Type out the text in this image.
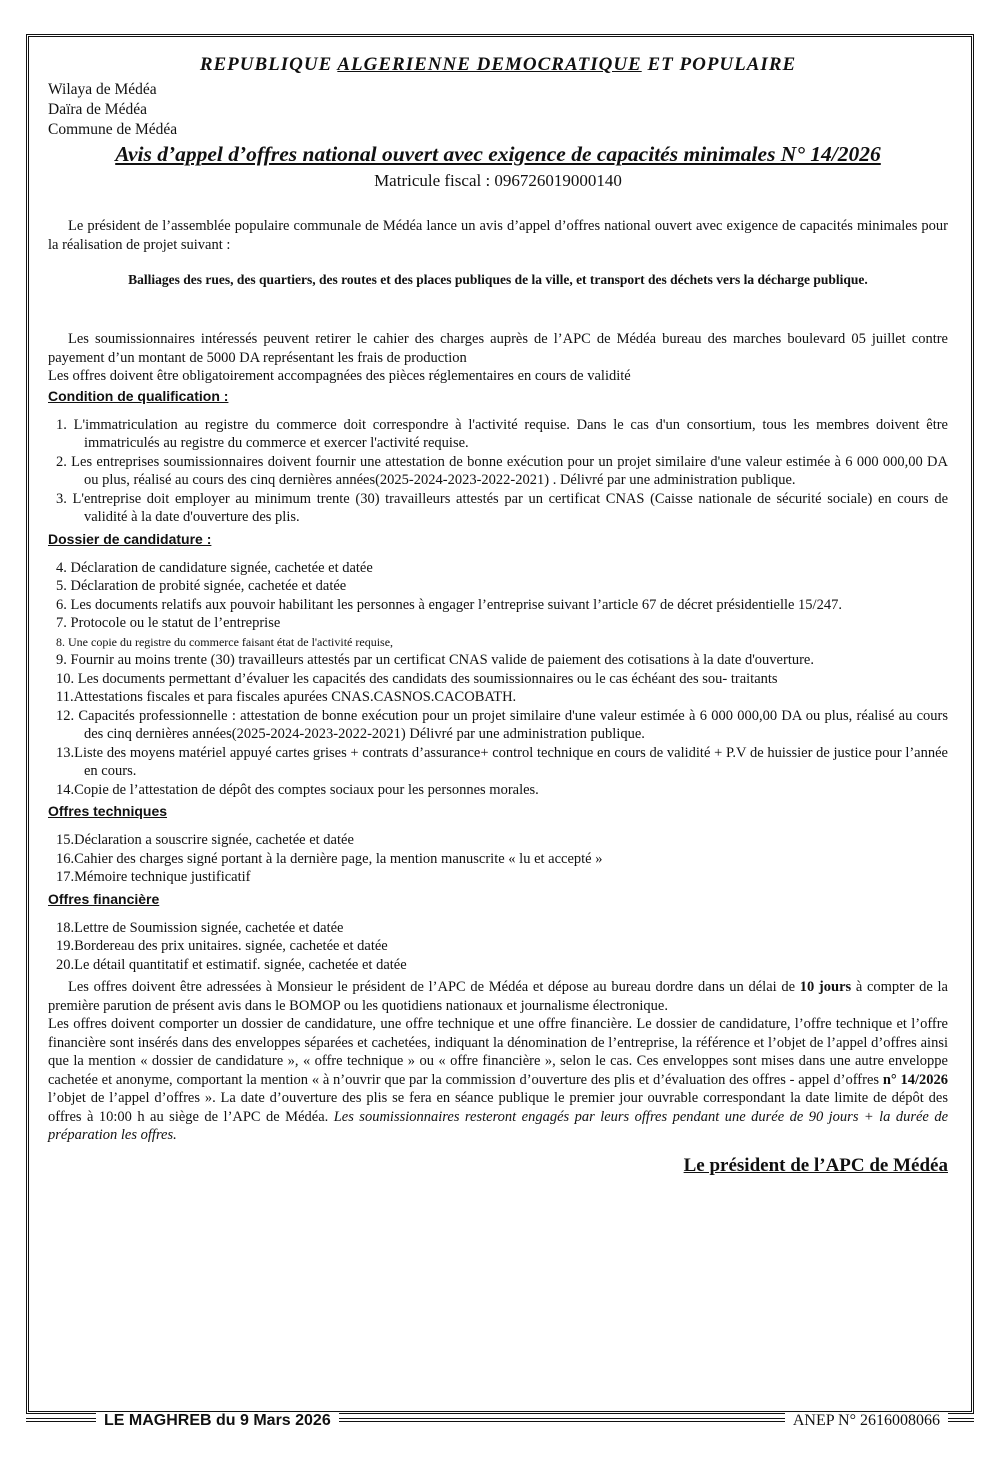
REPUBLIQUE ALGERIENNE DEMOCRATIQUE ET POPULAIRE
Wilaya de Médéa
Daïra de Médéa
Commune de Médéa
Avis d’appel d’offres national ouvert avec exigence de capacités minimales N° 14/2026
Matricule fiscal : 096726019000140

Le président de l’assemblée populaire communale de Médéa lance un avis d’appel d’offres national ouvert avec exigence de capacités minimales pour la réalisation de projet suivant :

Balliages des rues, des quartiers, des routes et des places publiques de la ville, et transport des déchets vers la décharge publique.

Les soumissionnaires intéressés peuvent retirer le cahier des charges auprès de l’APC de Médéa bureau des marches boulevard 05 juillet contre payement d’un montant de 5000 DA représentant les frais de production

Les offres doivent être obligatoirement accompagnées des pièces réglementaires en cours de validité

Condition de qualification :
1. L'immatriculation au registre du commerce doit correspondre à l'activité requise. Dans le cas d'un consortium, tous les membres doivent être immatriculés au registre du commerce et exercer l'activité requise.
2. Les entreprises soumissionnaires doivent fournir une attestation de bonne exécution pour un projet similaire d'une valeur estimée à 6 000 000,00 DA ou plus, réalisé au cours des cinq dernières années(2025-2024-2023-2022-2021) . Délivré par une administration publique.
3. L'entreprise doit employer au minimum trente (30) travailleurs attestés par un certificat CNAS (Caisse nationale de sécurité sociale) en cours de validité à la date d'ouverture des plis.
Dossier de candidature :
4. Déclaration de candidature signée, cachetée et datée
5. Déclaration de probité signée, cachetée et datée
6. Les documents relatifs aux pouvoir habilitant les personnes à engager l’entreprise suivant l’article 67 de décret présidentielle 15/247.
7. Protocole ou le statut de l’entreprise
8. Une copie du registre du commerce faisant état de l'activité requise,
9. Fournir au moins trente (30) travailleurs attestés par un certificat CNAS valide de paiement des cotisations à la date d'ouverture.
10. Les documents permettant d’évaluer les capacités des candidats des soumissionnaires ou le cas échéant des sou- traitants
11.Attestations fiscales et para fiscales apurées CNAS.CASNOS.CACOBATH.
12. Capacités professionnelle : attestation de bonne exécution pour un projet similaire d'une valeur estimée à 6 000 000,00 DA ou plus, réalisé au cours des cinq dernières années(2025-2024-2023-2022-2021) Délivré par une administration publique.
13.Liste des moyens matériel appuyé cartes grises + contrats d’assurance+ control technique en cours de validité + P.V de huissier de justice pour l’année en cours.
14.Copie de l’attestation de dépôt des comptes sociaux pour les personnes morales.
Offres techniques
15.Déclaration a souscrire signée, cachetée et datée
16.Cahier des charges signé portant à la dernière page, la mention manuscrite « lu et accepté »
17.Mémoire technique justificatif
Offres financière
18.Lettre de Soumission signée, cachetée et datée
19.Bordereau des prix unitaires. signée, cachetée et datée
20.Le détail quantitatif et estimatif. signée, cachetée et datée

Les offres doivent être adressées à Monsieur le président de l’APC de Médéa et dépose au bureau dordre dans un délai de 10 jours à compter de la première parution de présent avis dans le BOMOP ou les quotidiens nationaux et journalisme électronique.

Les offres doivent comporter un dossier de candidature, une offre technique et une offre financière. Le dossier de candidature, l’offre technique et l’offre financière sont insérés dans des enveloppes séparées et cachetées, indiquant la dénomination de l’entreprise, la référence et l’objet de l’appel d’offres ainsi que la mention « dossier de candidature », « offre technique » ou « offre financière », selon le cas. Ces enveloppes sont mises dans une autre enveloppe cachetée et anonyme, comportant la mention « à n’ouvrir que par la commission d’ouverture des plis et d’évaluation des offres - appel d’offres n° 14/2026 l’objet de l’appel d’offres ». La date d’ouverture des plis se fera en séance publique le premier jour ouvrable correspondant la date limite de dépôt des offres à 10:00 h au siège de l’APC de Médéa. Les soumissionnaires resteront engagés par leurs offres pendant une durée de 90 jours + la durée de préparation les offres.

Le président de l’APC de Médéa
LE MAGHREB du 9 Mars 2026	ANEP N° 2616008066
